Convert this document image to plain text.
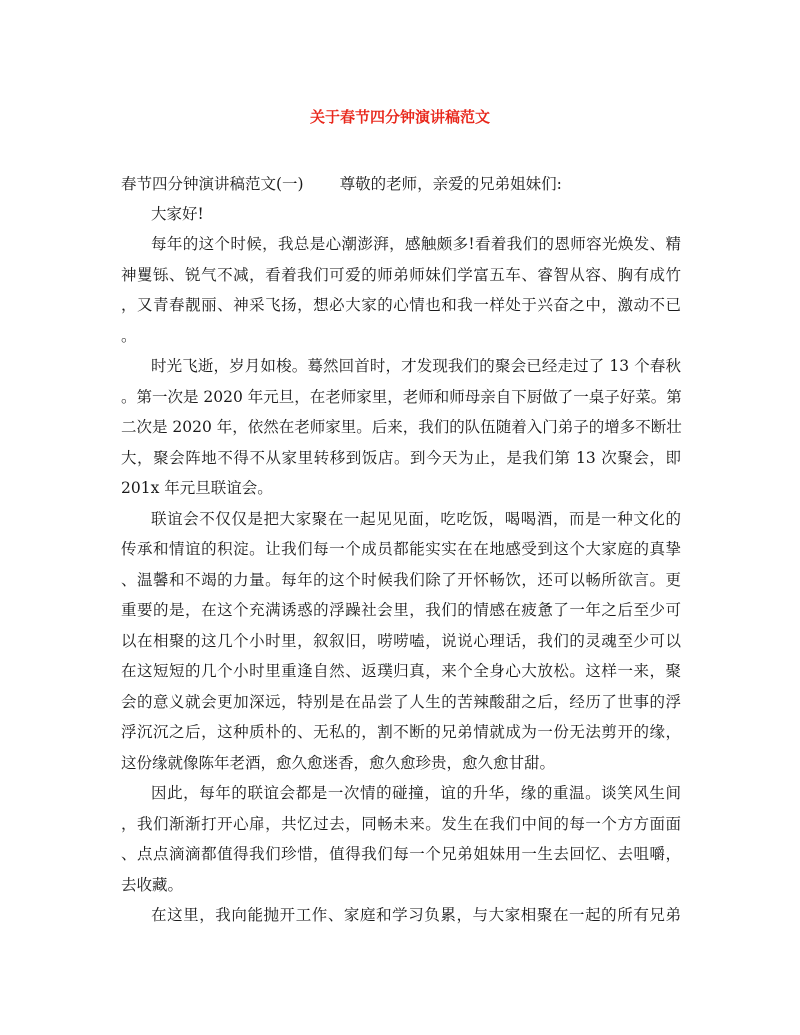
关于春节四分钟演讲稿范文
春节四分钟演讲稿范文(一) 尊敬的老师，亲爱的兄弟姐妹们:
大家好!
每年的这个时候，我总是心潮澎湃，感触颇多!看着我们的恩师容光焕发、精
神矍铄、锐气不减，看着我们可爱的师弟师妹们学富五车、睿智从容、胸有成竹
，又青春靓丽、神采飞扬，想必大家的心情也和我一样处于兴奋之中，激动不已
。
时光飞逝，岁月如梭。蓦然回首时，才发现我们的聚会已经走过了 13 个春秋
。第一次是 2020 年元旦，在老师家里，老师和师母亲自下厨做了一桌子好菜。第
二次是 2020 年，依然在老师家里。后来，我们的队伍随着入门弟子的增多不断壮
大，聚会阵地不得不从家里转移到饭店。到今天为止，是我们第 13 次聚会，即
201x 年元旦联谊会。
联谊会不仅仅是把大家聚在一起见见面，吃吃饭，喝喝酒，而是一种文化的
传承和情谊的积淀。让我们每一个成员都能实实在在地感受到这个大家庭的真挚
、温馨和不竭的力量。每年的这个时候我们除了开怀畅饮，还可以畅所欲言。更
重要的是，在这个充满诱惑的浮躁社会里，我们的情感在疲惫了一年之后至少可
以在相聚的这几个小时里，叙叙旧，唠唠嗑，说说心理话，我们的灵魂至少可以
在这短短的几个小时里重逢自然、返璞归真，来个全身心大放松。这样一来，聚
会的意义就会更加深远，特别是在品尝了人生的苦辣酸甜之后，经历了世事的浮
浮沉沉之后，这种质朴的、无私的，割不断的兄弟情就成为一份无法剪开的缘，
这份缘就像陈年老酒，愈久愈迷香，愈久愈珍贵，愈久愈甘甜。
因此，每年的联谊会都是一次情的碰撞，谊的升华，缘的重温。谈笑风生间
，我们渐渐打开心扉，共忆过去，同畅未来。发生在我们中间的每一个方方面面
、点点滴滴都值得我们珍惜，值得我们每一个兄弟姐妹用一生去回忆、去咀嚼，
去收藏。
在这里，我向能抛开工作、家庭和学习负累，与大家相聚在一起的所有兄弟
